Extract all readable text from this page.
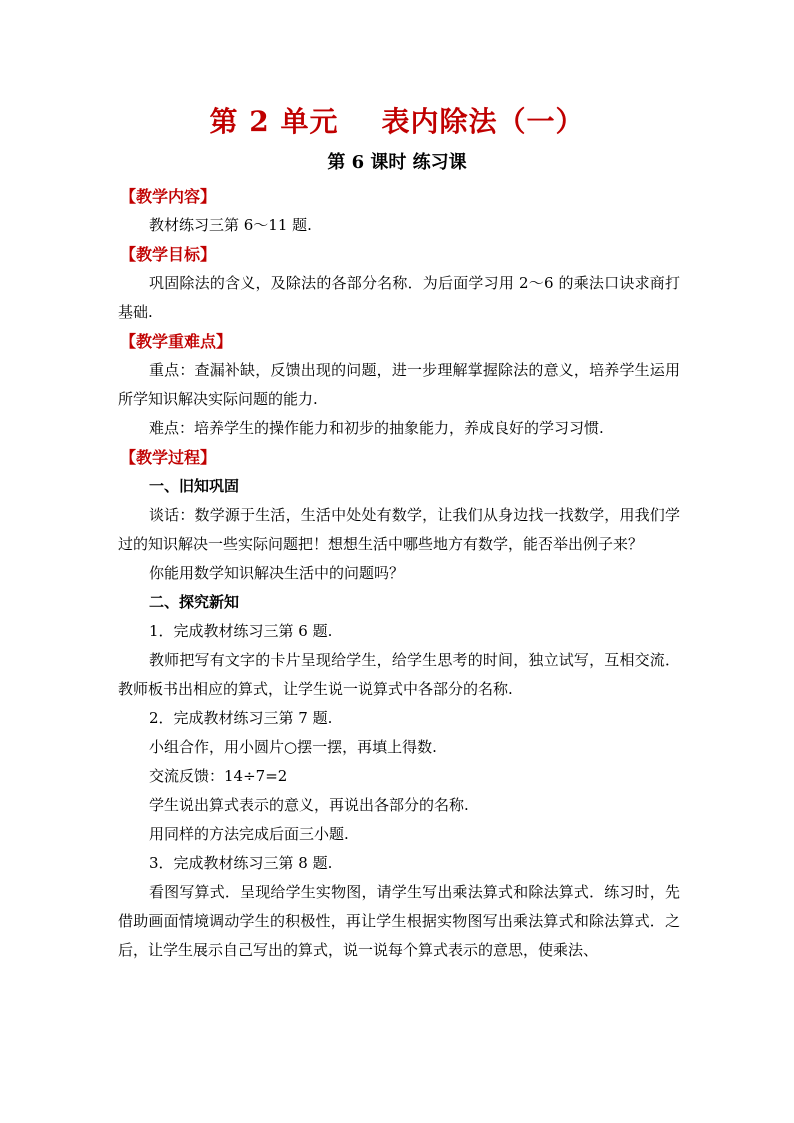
第 2 单元    表内除法（一）
第 6 课时 练习课

【教学内容】

教材练习三第 6～11 题.

【教学目标】

巩固除法的含义，及除法的各部分名称．为后面学习用 2～6 的乘法口诀求商打基础.

【教学重难点】

重点：查漏补缺，反馈出现的问题，进一步理解掌握除法的意义，培养学生运用所学知识解决实际问题的能力.

难点：培养学生的操作能力和初步的抽象能力，养成良好的学习习惯.

【教学过程】

一、旧知巩固

谈话：数学源于生活，生活中处处有数学，让我们从身边找一找数学，用我们学过的知识解决一些实际问题把！想想生活中哪些地方有数学，能否举出例子来？

你能用数学知识解决生活中的问题吗？

二、探究新知

1．完成教材练习三第 6 题.

教师把写有文字的卡片呈现给学生，给学生思考的时间，独立试写，互相交流．教师板书出相应的算式，让学生说一说算式中各部分的名称.

2．完成教材练习三第 7 题.

小组合作，用小圆片○摆一摆，再填上得数.

交流反馈：14÷7=2

学生说出算式表示的意义，再说出各部分的名称.

用同样的方法完成后面三小题.

3．完成教材练习三第 8 题.

看图写算式．呈现给学生实物图，请学生写出乘法算式和除法算式．练习时，先借助画面情境调动学生的积极性，再让学生根据实物图写出乘法算式和除法算式．之后，让学生展示自己写出的算式，说一说每个算式表示的意思，使乘法、
